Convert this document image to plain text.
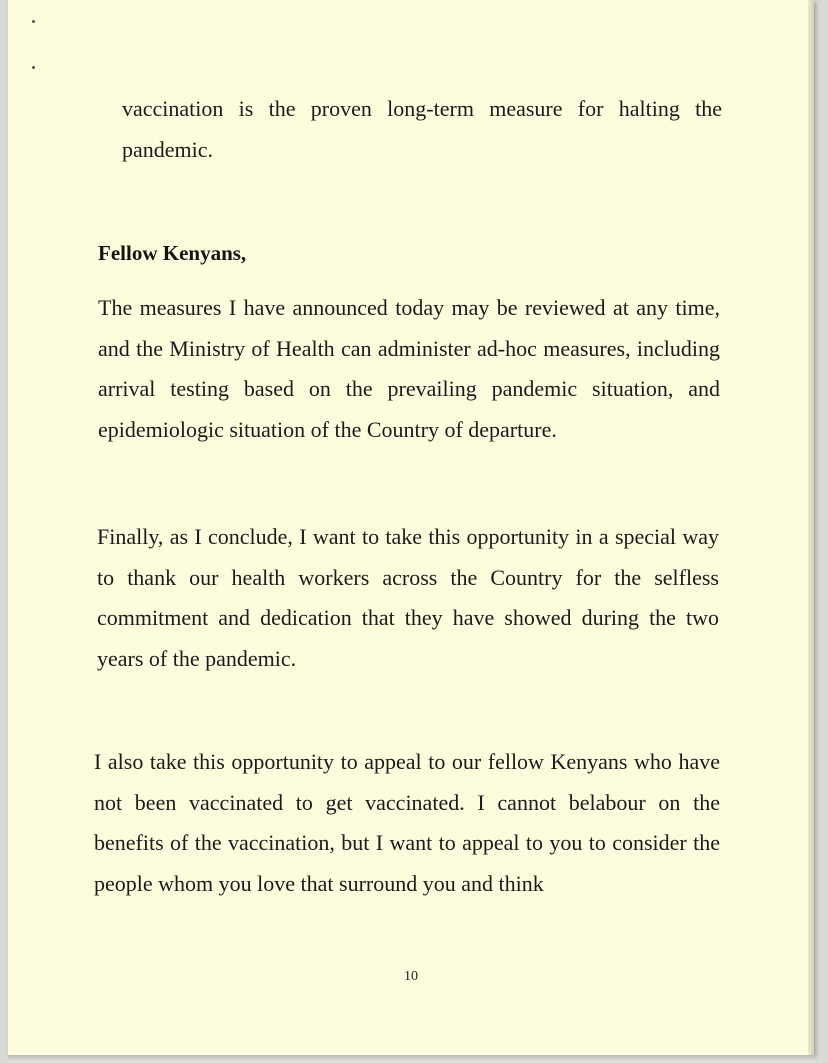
vaccination is the proven long-term measure for halting the pandemic.

Fellow Kenyans,

The measures I have announced today may be reviewed at any time, and the Ministry of Health can administer ad-hoc measures, including arrival testing based on the prevailing pandemic situation, and epidemiologic situation of the Country of departure.

Finally, as I conclude, I want to take this opportunity in a special way to thank our health workers across the Country for the selfless commitment and dedication that they have showed during the two years of the pandemic.

I also take this opportunity to appeal to our fellow Kenyans who have not been vaccinated to get vaccinated. I cannot belabour on the benefits of the vaccination, but I want to appeal to you to consider the people whom you love that surround you and think

10
